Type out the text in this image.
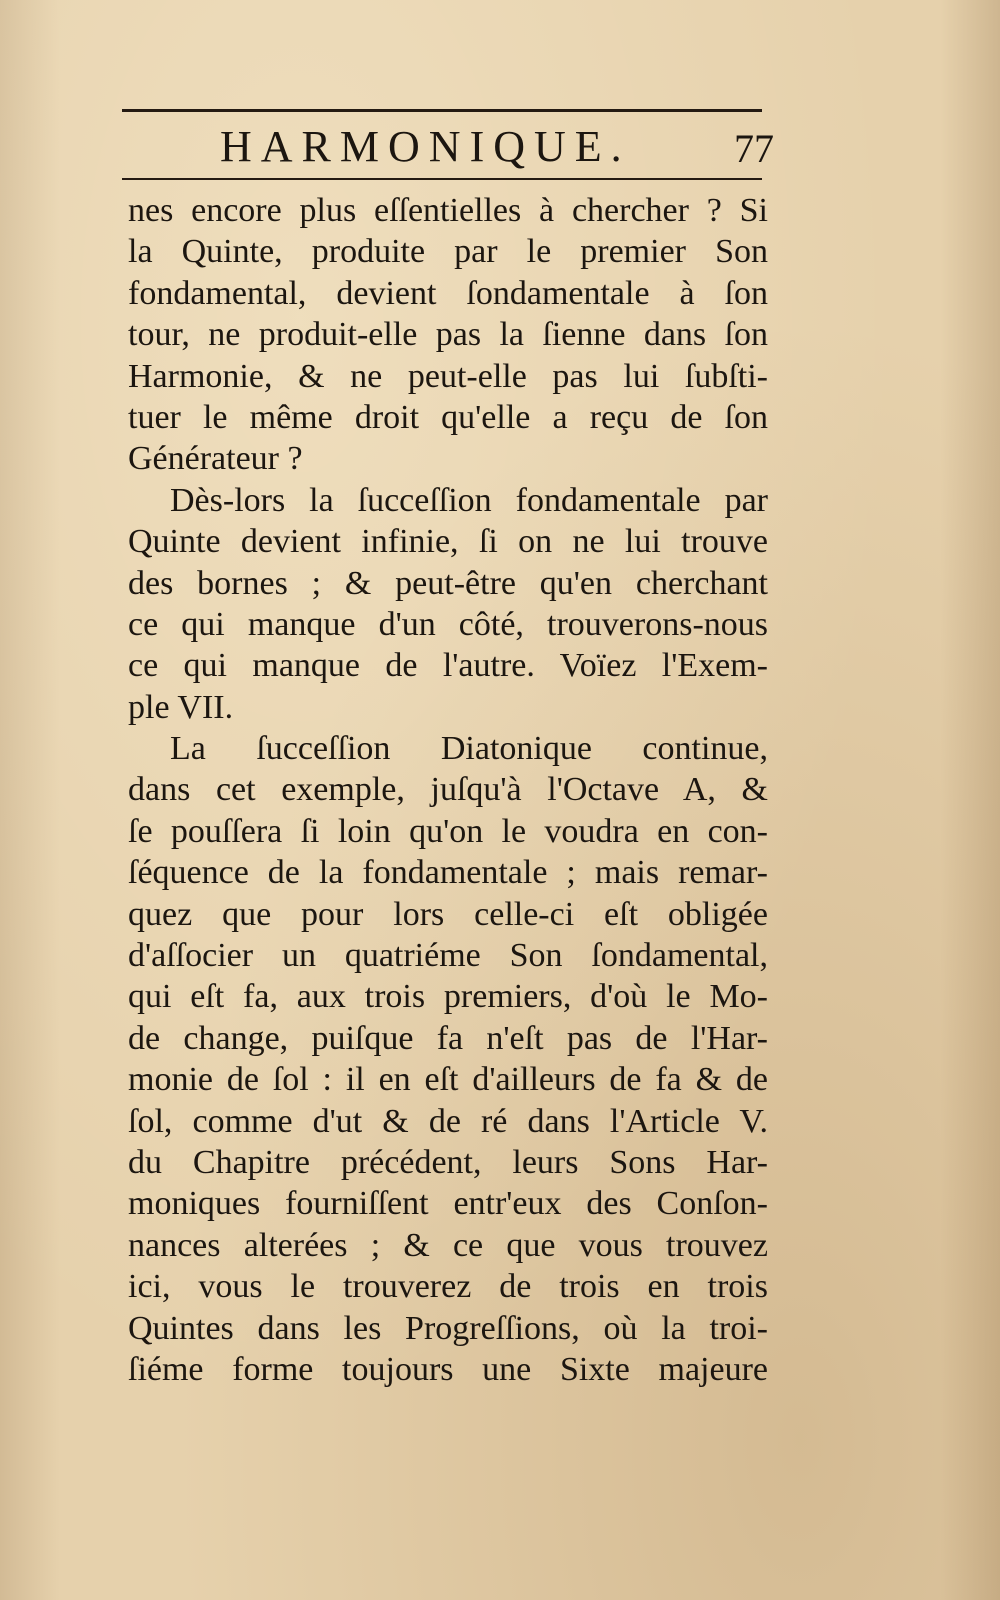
HARMONIQUE.	77
nes encore plus eſſentielles à chercher ? Si
la Quinte, produite par le premier Son
fondamental, devient ſondamentale à ſon
tour, ne produit-elle pas la ſienne dans ſon
Harmonie, & ne peut-elle pas lui ſubſti-
tuer le même droit qu'elle a reçu de ſon
Générateur ?
Dès-lors la ſucceſſion fondamentale par
Quinte devient infinie, ſi on ne lui trouve
des bornes ; & peut-être qu'en cherchant
ce qui manque d'un côté, trouverons-nous
ce qui manque de l'autre. Voïez l'Exem-
ple VII.
La ſucceſſion Diatonique continue,
dans cet exemple, juſqu'à l'Octave A, &
ſe pouſſera ſi loin qu'on le voudra en con-
ſéquence de la fondamentale ; mais remar-
quez que pour lors celle-ci eſt obligée
d'aſſocier un quatriéme Son ſondamental,
qui eſt fa, aux trois premiers, d'où le Mo-
de change, puiſque fa n'eſt pas de l'Har-
monie de ſol : il en eſt d'ailleurs de fa & de
ſol, comme d'ut & de ré dans l'Article V.
du Chapitre précédent, leurs Sons Har-
moniques fourniſſent entr'eux des Conſon-
nances alterées ; & ce que vous trouvez
ici, vous le trouverez de trois en trois
Quintes dans les Progreſſions, où la troi-
ſiéme forme toujours une Sixte majeure
